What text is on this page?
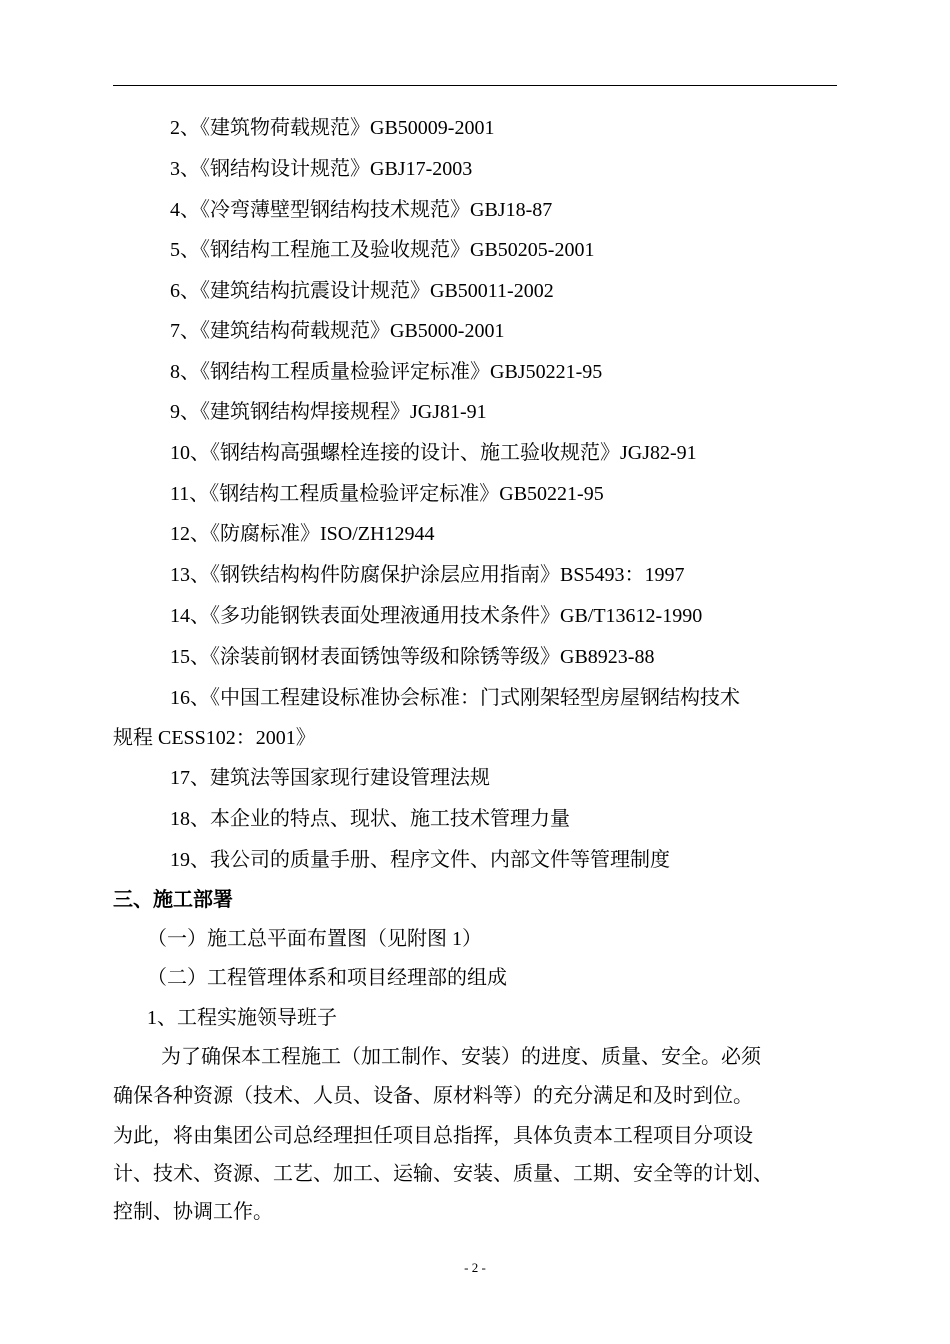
2、《建筑物荷载规范》GB50009-2001
3、《钢结构设计规范》GBJ17-2003
4、《冷弯薄壁型钢结构技术规范》GBJ18-87
5、《钢结构工程施工及验收规范》GB50205-2001
6、《建筑结构抗震设计规范》GB50011-2002
7、《建筑结构荷载规范》GB5000-2001
8、《钢结构工程质量检验评定标准》GBJ50221-95
9、《建筑钢结构焊接规程》JGJ81-91
10、《钢结构高强螺栓连接的设计、施工验收规范》JGJ82-91
11、《钢结构工程质量检验评定标准》GB50221-95
12、《防腐标准》ISO/ZH12944
13、《钢铁结构构件防腐保护涂层应用指南》BS5493：1997
14、《多功能钢铁表面处理液通用技术条件》GB/T13612-1990
15、《涂装前钢材表面锈蚀等级和除锈等级》GB8923-88
16、《中国工程建设标准协会标准：门式刚架轻型房屋钢结构技术
规程 CESS102：2001》
17、建筑法等国家现行建设管理法规
18、本企业的特点、现状、施工技术管理力量
19、我公司的质量手册、程序文件、内部文件等管理制度
三、施工部署
（一）施工总平面布置图（见附图 1）
（二）工程管理体系和项目经理部的组成
1、工程实施领导班子
为了确保本工程施工（加工制作、安装）的进度、质量、安全。必须
确保各种资源（技术、人员、设备、原材料等）的充分满足和及时到位。
为此，将由集团公司总经理担任项目总指挥，具体负责本工程项目分项设
计、技术、资源、工艺、加工、运输、安装、质量、工期、安全等的计划、
控制、协调工作。
- 2 -
